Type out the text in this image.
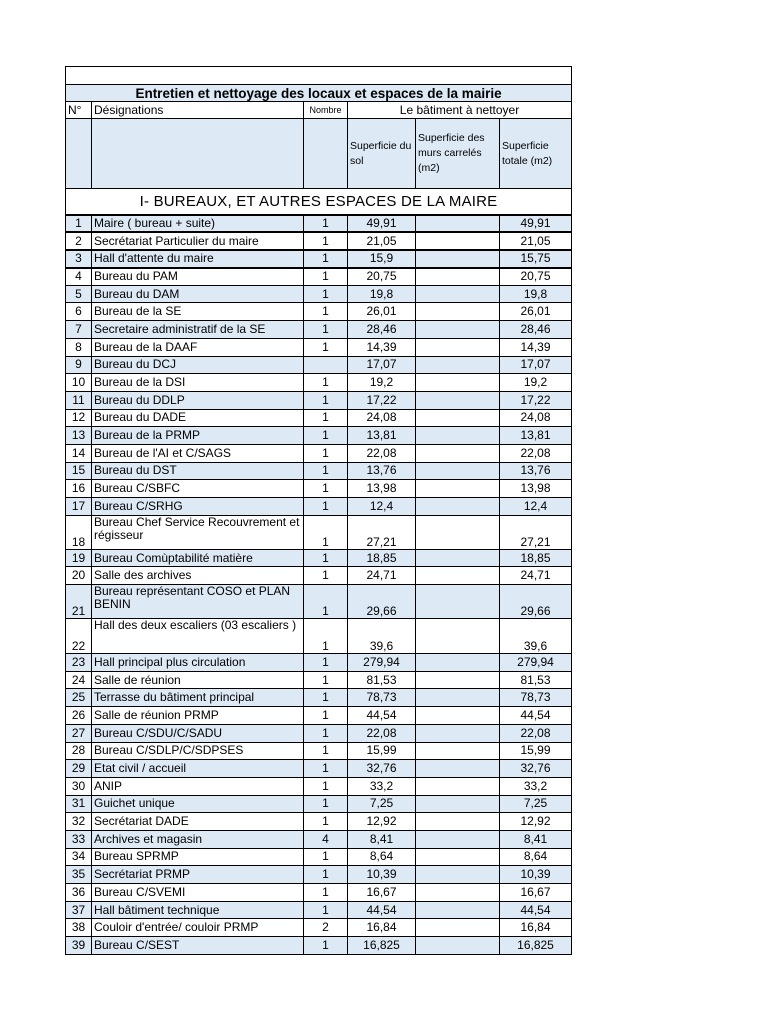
Entretien et nettoyage des locaux et espaces de la mairie					
N°	Désignations	Nombre	Le bâtiment à nettoyer		
			Superficie du sol	Superficie des murs carrelés (m2)	Superficie totale (m2)
I- BUREAUX, ET AUTRES ESPACES DE LA MAIRE					
1	Maire ( bureau + suite)	1	49,91		49,91
2	Secrétariat Particulier du maire	1	21,05		21,05
3	Hall d'attente du maire	1	15,9		15,75
4	Bureau du PAM	1	20,75		20,75
5	Bureau du DAM	1	19,8		19,8
6	Bureau de la SE	1	26,01		26,01
7	Secretaire administratif de la SE	1	28,46		28,46
8	Bureau de la DAAF	1	14,39		14,39
9	Bureau du DCJ		17,07		17,07
10	Bureau de la DSI	1	19,2		19,2
11	Bureau du DDLP	1	17,22		17,22
12	Bureau du DADE	1	24,08		24,08
13	Bureau de la PRMP	1	13,81		13,81
14	Bureau de l'AI et C/SAGS	1	22,08		22,08
15	Bureau du DST	1	13,76		13,76
16	Bureau C/SBFC	1	13,98		13,98
17	Bureau C/SRHG	1	12,4		12,4
18	Bureau Chef Service Recouvrement et régisseur	1	27,21		27,21
19	Bureau Comùptabilité matière	1	18,85		18,85
20	Salle des archives	1	24,71		24,71
21	Bureau représentant COSO et PLAN BENIN	1	29,66		29,66
22	Hall des deux escaliers (03 escaliers )	1	39,6		39,6
23	Hall principal plus circulation	1	279,94		279,94
24	Salle de réunion	1	81,53		81,53
25	Terrasse du bâtiment principal	1	78,73		78,73
26	Salle de réunion PRMP	1	44,54		44,54
27	Bureau C/SDU/C/SADU	1	22,08		22,08
28	Bureau C/SDLP/C/SDPSES	1	15,99		15,99
29	Etat civil / accueil	1	32,76		32,76
30	ANIP	1	33,2		33,2
31	Guichet unique	1	7,25		7,25
32	Secrétariat DADE	1	12,92		12,92
33	Archives et magasin	4	8,41		8,41
34	Bureau SPRMP	1	8,64		8,64
35	Secrétariat PRMP	1	10,39		10,39
36	Bureau C/SVEMI	1	16,67		16,67
37	Hall bâtiment technique	1	44,54		44,54
38	Couloir d'entrée/ couloir PRMP	2	16,84		16,84
39	Bureau C/SEST	1	16,825		16,825
